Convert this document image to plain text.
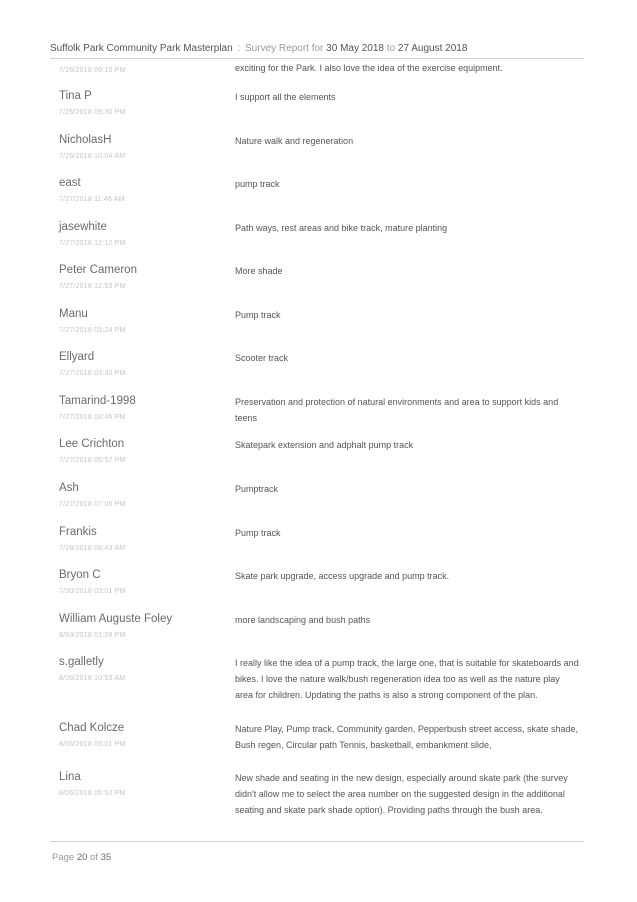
Suffolk Park Community Park Masterplan : Survey Report for 30 May 2018 to 27 August 2018
7/26/2018 09:15 PM	exciting for the Park. I also love the idea of the exercise equipment.
Tina P
7/26/2018 09:30 PM
I support all the elements
NicholasH
7/26/2018 10:04 AM
Nature walk and regeneration
east
7/27/2018 11:46 AM
pump track
jasewhite
7/27/2018 12:12 PM
Path ways, rest areas and bike track, mature planting
Peter Cameron
7/27/2018 12:53 PM
More shade
Manu
7/27/2018 03:24 PM
Pump track
Ellyard
7/27/2018 03:30 PM
Scooter track
Tamarind-1998
7/27/2018 03:46 PM
Preservation and protection of natural environments and area to support kids and teens
Lee Crichton
7/27/2018 05:57 PM
Skatepark extension and adphalt pump track
Ash
7/27/2018 07:06 PM
Pumptrack
Frankis
7/28/2018 08:43 AM
Pump track
Bryon C
7/30/2018 03:01 PM
Skate park upgrade, access upgrade and pump track.
William Auguste Foley
8/03/2018 01:28 PM
more landscaping and bush paths
s.galletly
8/06/2018 10:53 AM
I really like the idea of a pump track, the large one, that is suitable for skateboards and bikes. I love the nature walk/bush regeneration idea too as well as the nature play area for children. Updating the paths is also a strong component of the plan.
Chad Kolcze
8/06/2018 03:01 PM
Nature Play, Pump track, Community garden, Pepperbush street access, skate shade, Bush regen, Circular path Tennis, basketball, embankment slide,
Lina
8/06/2018 05:52 PM
New shade and seating in the new design, especially around skate park (the survey didn't allow me to select the area number on the suggested design in the additional seating and skate park shade option). Providing paths through the bush area.
Page 20 of 35
